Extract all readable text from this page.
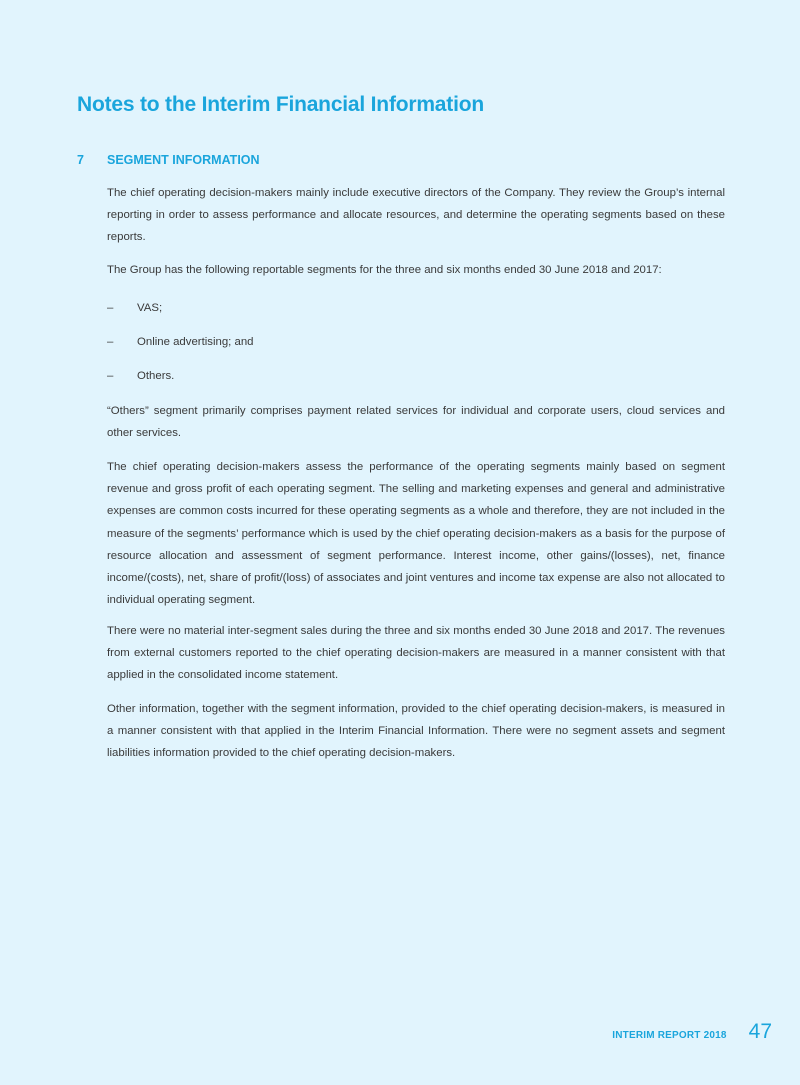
Notes to the Interim Financial Information
7 SEGMENT INFORMATION

The chief operating decision-makers mainly include executive directors of the Company. They review the Group’s internal reporting in order to assess performance and allocate resources, and determine the operating segments based on these reports.

The Group has the following reportable segments for the three and six months ended 30 June 2018 and 2017:

– VAS;
– Online advertising; and
– Others.

“Others” segment primarily comprises payment related services for individual and corporate users, cloud services and other services.

The chief operating decision-makers assess the performance of the operating segments mainly based on segment revenue and gross profit of each operating segment. The selling and marketing expenses and general and administrative expenses are common costs incurred for these operating segments as a whole and therefore, they are not included in the measure of the segments’ performance which is used by the chief operating decision-makers as a basis for the purpose of resource allocation and assessment of segment performance. Interest income, other gains/(losses), net, finance income/(costs), net, share of profit/(loss) of associates and joint ventures and income tax expense are also not allocated to individual operating segment.

There were no material inter-segment sales during the three and six months ended 30 June 2018 and 2017. The revenues from external customers reported to the chief operating decision-makers are measured in a manner consistent with that applied in the consolidated income statement.

Other information, together with the segment information, provided to the chief operating decision-makers, is measured in a manner consistent with that applied in the Interim Financial Information. There were no segment assets and segment liabilities information provided to the chief operating decision-makers.

INTERIM REPORT 2018 47
